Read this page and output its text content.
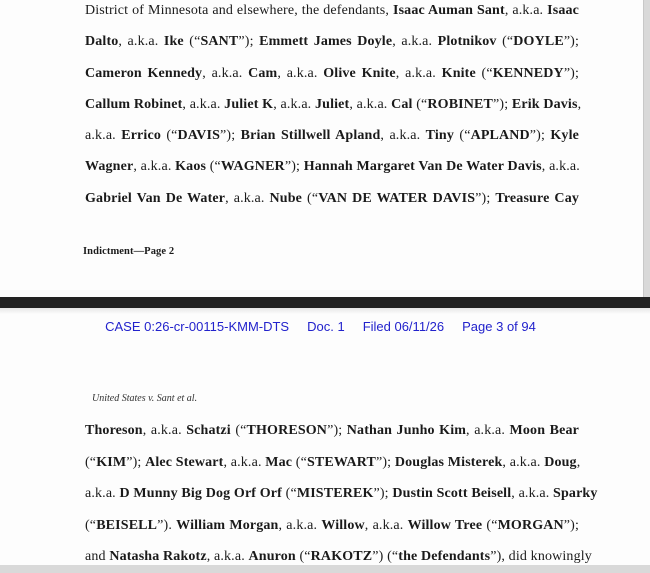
District of Minnesota and elsewhere, the defendants, Isaac Auman Sant, a.k.a. Isaac
Dalto, a.k.a. Ike (“SANT”); Emmett James Doyle, a.k.a. Plotnikov (“DOYLE”);
Cameron Kennedy, a.k.a. Cam, a.k.a. Olive Knite, a.k.a. Knite (“KENNEDY”);
Callum Robinet, a.k.a. Juliet K, a.k.a. Juliet, a.k.a. Cal (“ROBINET”); Erik Davis,
a.k.a. Errico (“DAVIS”); Brian Stillwell Apland, a.k.a. Tiny (“APLAND”); Kyle
Wagner, a.k.a. Kaos (“WAGNER”); Hannah Margaret Van De Water Davis, a.k.a.
Gabriel Van De Water, a.k.a. Nube (“VAN DE WATER DAVIS”); Treasure Cay
Indictment—Page 2
CASE 0:26-cr-00115-KMM-DTS Doc. 1 Filed 06/11/26 Page 3 of 94
United States v. Sant et al.
Thoreson, a.k.a. Schatzi (“THORESON”); Nathan Junho Kim, a.k.a. Moon Bear
(“KIM”); Alec Stewart, a.k.a. Mac (“STEWART”); Douglas Misterek, a.k.a. Doug,
a.k.a. D Munny Big Dog Orf Orf (“MISTEREK”); Dustin Scott Beisell, a.k.a. Sparky
(“BEISELL”). William Morgan, a.k.a. Willow, a.k.a. Willow Tree (“MORGAN”);
and Natasha Rakotz, a.k.a. Anuron (“RAKOTZ”) (“the Defendants”), did knowingly
